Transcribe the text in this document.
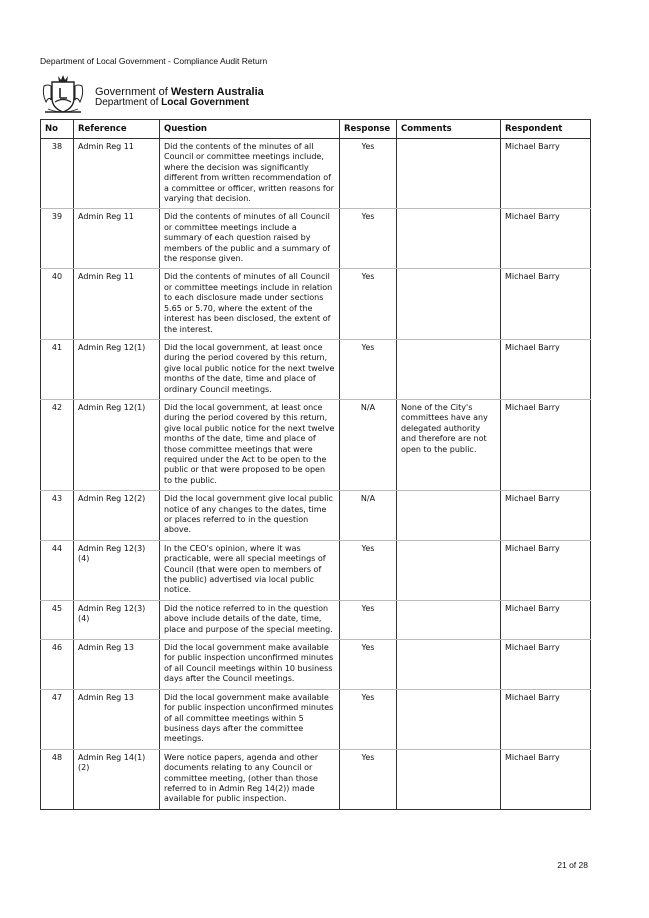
Department of Local Government - Compliance Audit Return
Government of Western Australia
Department of Local Government
No	Reference	Question	Response	Comments	Respondent
38	Admin Reg 11	Did the contents of the minutes of all Council or committee meetings include, where the decision was significantly different from written recommendation of a committee or officer, written reasons for varying that decision.	Yes		Michael Barry
39	Admin Reg 11	Did the contents of minutes of all Council or committee meetings include a summary of each question raised by members of the public and a summary of the response given.	Yes		Michael Barry
40	Admin Reg 11	Did the contents of minutes of all Council or committee meetings include in relation to each disclosure made under sections 5.65 or 5.70, where the extent of the interest has been disclosed, the extent of the interest.	Yes		Michael Barry
41	Admin Reg 12(1)	Did the local government, at least once during the period covered by this return, give local public notice for the next twelve months of the date, time and place of ordinary Council meetings.	Yes		Michael Barry
42	Admin Reg 12(1)	Did the local government, at least once during the period covered by this return, give local public notice for the next twelve months of the date, time and place of those committee meetings that were required under the Act to be open to the public or that were proposed to be open to the public.	N/A	None of the City's committees have any delegated authority and therefore are not open to the public.	Michael Barry
43	Admin Reg 12(2)	Did the local government give local public notice of any changes to the dates, time or places referred to in the question above.	N/A		Michael Barry
44	Admin Reg 12(3) (4)	In the CEO's opinion, where it was practicable, were all special meetings of Council (that were open to members of the public) advertised via local public notice.	Yes		Michael Barry
45	Admin Reg 12(3) (4)	Did the notice referred to in the question above include details of the date, time, place and purpose of the special meeting.	Yes		Michael Barry
46	Admin Reg 13	Did the local government make available for public inspection unconfirmed minutes of all Council meetings within 10 business days after the Council meetings.	Yes		Michael Barry
47	Admin Reg 13	Did the local government make available for public inspection unconfirmed minutes of all committee meetings within 5 business days after the committee meetings.	Yes		Michael Barry
48	Admin Reg 14(1) (2)	Were notice papers, agenda and other documents relating to any Council or committee meeting, (other than those referred to in Admin Reg 14(2)) made available for public inspection.	Yes		Michael Barry
21 of 28
